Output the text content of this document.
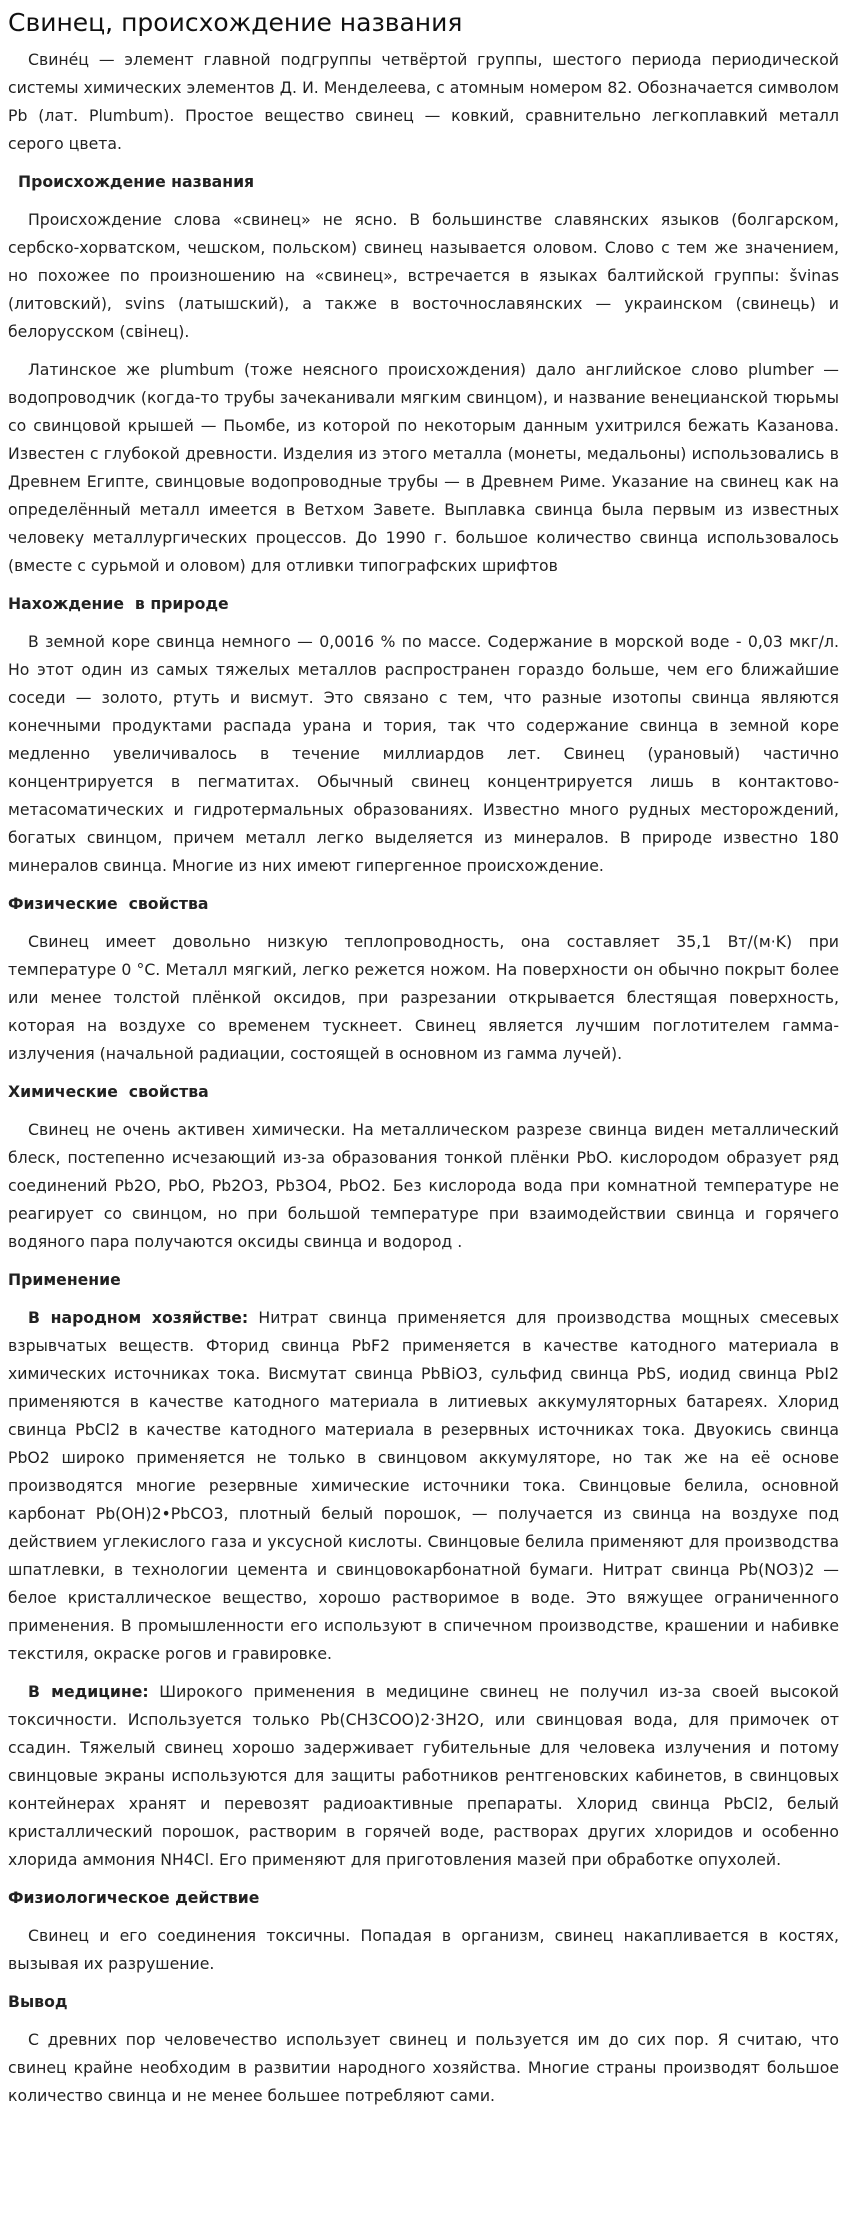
Свинец, происхождение названия

Свинéц — элемент главной подгруппы четвёртой группы, шестого периода периодической системы химических элементов Д. И. Менделеева, с атомным номером 82. Обозначается символом Pb (лат. Plumbum). Простое вещество свинец — ковкий, сравнительно легкоплавкий металл серого цвета.

Происхождение названия

Происхождение слова «свинец» не ясно. В большинстве славянских языков (болгарском, сербско-хорватском, чешском, польском) свинец называется оловом. Слово с тем же значением, но похожее по произношению на «свинец», встречается в языках балтийской группы: švinas (литовский), svins (латышский), а также в восточнославянских — украинском (свинець) и белорусском (свінец).

Латинское же plumbum (тоже неясного происхождения) дало английское слово plumber — водопроводчик (когда-то трубы зачеканивали мягким свинцом), и название венецианской тюрьмы со свинцовой крышей — Пьомбе, из которой по некоторым данным ухитрился бежать Казанова. Известен с глубокой древности. Изделия из этого металла (монеты, медальоны) использовались в Древнем Египте, свинцовые водопроводные трубы — в Древнем Риме. Указание на свинец как на определённый металл имеется в Ветхом Завете. Выплавка свинца была первым из известных человеку металлургических процессов. До 1990 г. большое количество свинца использовалось (вместе с сурьмой и оловом) для отливки типографских шрифтов

Нахождение  в природе

В земной коре свинца немного — 0,0016 % по массе. Содержание в морской воде - 0,03 мкг/л. Но этот один из самых тяжелых металлов распространен гораздо больше, чем его ближайшие соседи — золото, ртуть и висмут. Это связано с тем, что разные изотопы свинца являются конечными продуктами распада урана и тория, так что содержание свинца в земной коре медленно увеличивалось в течение миллиардов лет. Свинец (урановый) частично концентрируется в пегматитах. Обычный свинец концентрируется лишь в контактово-метасоматических и гидротермальных образованиях. Известно много рудных месторождений, богатых свинцом, причем металл легко выделяется из минералов. В природе известно 180 минералов свинца. Многие из них имеют гипергенное происхождение.

Физические  свойства

Свинец имеет довольно низкую теплопроводность, она составляет 35,1 Вт/(м·K) при температуре 0 °C. Металл мягкий, легко режется ножом. На поверхности он обычно покрыт более или менее толстой плёнкой оксидов, при разрезании открывается блестящая поверхность, которая на воздухе со временем тускнеет. Свинец является лучшим поглотителем гамма-излучения (начальной радиации, состоящей в основном из гамма лучей).

Химические  свойства

Свинец не очень активен химически. На металлическом разрезе свинца виден металлический блеск, постепенно исчезающий из-за образования тонкой плёнки PbO. кислородом образует ряд соединений Pb2O, PbO, Pb2O3, Pb3O4, PbO2. Без кислорода вода при комнатной температуре не реагирует со свинцом, но при большой температуре при взаимодействии свинца и горячего водяного пара получаются оксиды свинца и водород .

Применение

В народном хозяйстве: Нитрат свинца применяется для производства мощных смесевых взрывчатых веществ. Фторид свинца PbF2 применяется в качестве катодного материала в химических источниках тока. Висмутат свинца PbBiO3, сульфид свинца PbS, иодид свинца PbI2 применяются в качестве катодного материала в литиевых аккумуляторных батареях. Хлорид свинца PbCl2 в качестве катодного материала в резервных источниках тока. Двуокись свинца PbO2 широко применяется не только в свинцовом аккумуляторе, но так же на её основе производятся многие резервные химические источники тока. Свинцовые белила, основной карбонат Pb(OH)2•PbCO3, плотный белый порошок, — получается из свинца на воздухе под действием углекислого газа и уксусной кислоты. Свинцовые белила применяют для производства шпатлевки, в технологии цемента и свинцовокарбонатной бумаги. Нитрат свинца Pb(NO3)2 — белое кристаллическое вещество, хорошо растворимое в воде. Это вяжущее ограниченного применения. В промышленности его используют в спичечном производстве, крашении и набивке текстиля, окраске рогов и гравировке.

В медицине: Широкого применения в медицине свинец не получил из-за своей высокой токсичности. Используется только Pb(CH3COO)2·3H2O, или свинцовая вода, для примочек от ссадин. Тяжелый свинец хорошо задерживает губительные для человека излучения и потому свинцовые экраны используются для защиты работников рентгеновских кабинетов, в свинцовых контейнерах хранят и перевозят радиоактивные препараты. Хлорид свинца PbCl2, белый кристаллический порошок, растворим в горячей воде, растворах других хлоридов и особенно хлорида аммония NH4Cl. Его применяют для приготовления мазей при обработке опухолей.

Физиологическое действие

Свинец и его соединения токсичны. Попадая в организм, свинец накапливается в костях, вызывая их разрушение.

Вывод

С древних пор человечество использует свинец и пользуется им до сих пор. Я считаю, что свинец крайне необходим в развитии народного хозяйства. Многие страны производят большое количество свинца и не менее большее потребляют сами.
